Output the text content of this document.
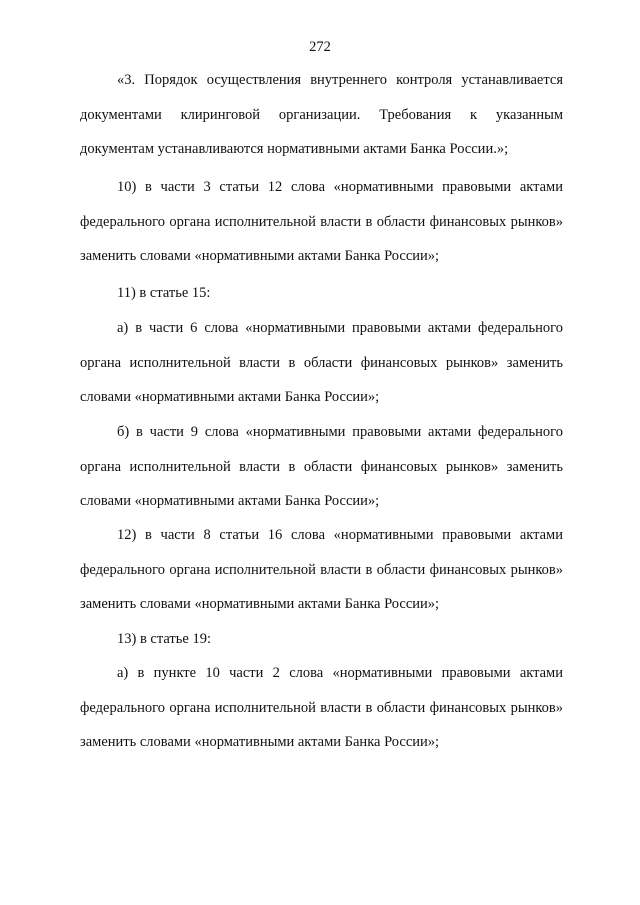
272

«3. Порядок осуществления внутреннего контроля устанавливается документами клиринговой организации. Требования к указанным документам устанавливаются нормативными актами Банка России.»;

10) в части 3 статьи 12 слова «нормативными правовыми актами федерального органа исполнительной власти в области финансовых рынков» заменить словами «нормативными актами Банка России»;

11) в статье 15:

а) в части 6 слова «нормативными правовыми актами федерального органа исполнительной власти в области финансовых рынков» заменить словами «нормативными актами Банка России»;

б) в части 9 слова «нормативными правовыми актами федерального органа исполнительной власти в области финансовых рынков» заменить словами «нормативными актами Банка России»;

12) в части 8 статьи 16 слова «нормативными правовыми актами федерального органа исполнительной власти в области финансовых рынков» заменить словами «нормативными актами Банка России»;

13) в статье 19:

а) в пункте 10 части 2 слова «нормативными правовыми актами федерального органа исполнительной власти в области финансовых рынков» заменить словами «нормативными актами Банка России»;
